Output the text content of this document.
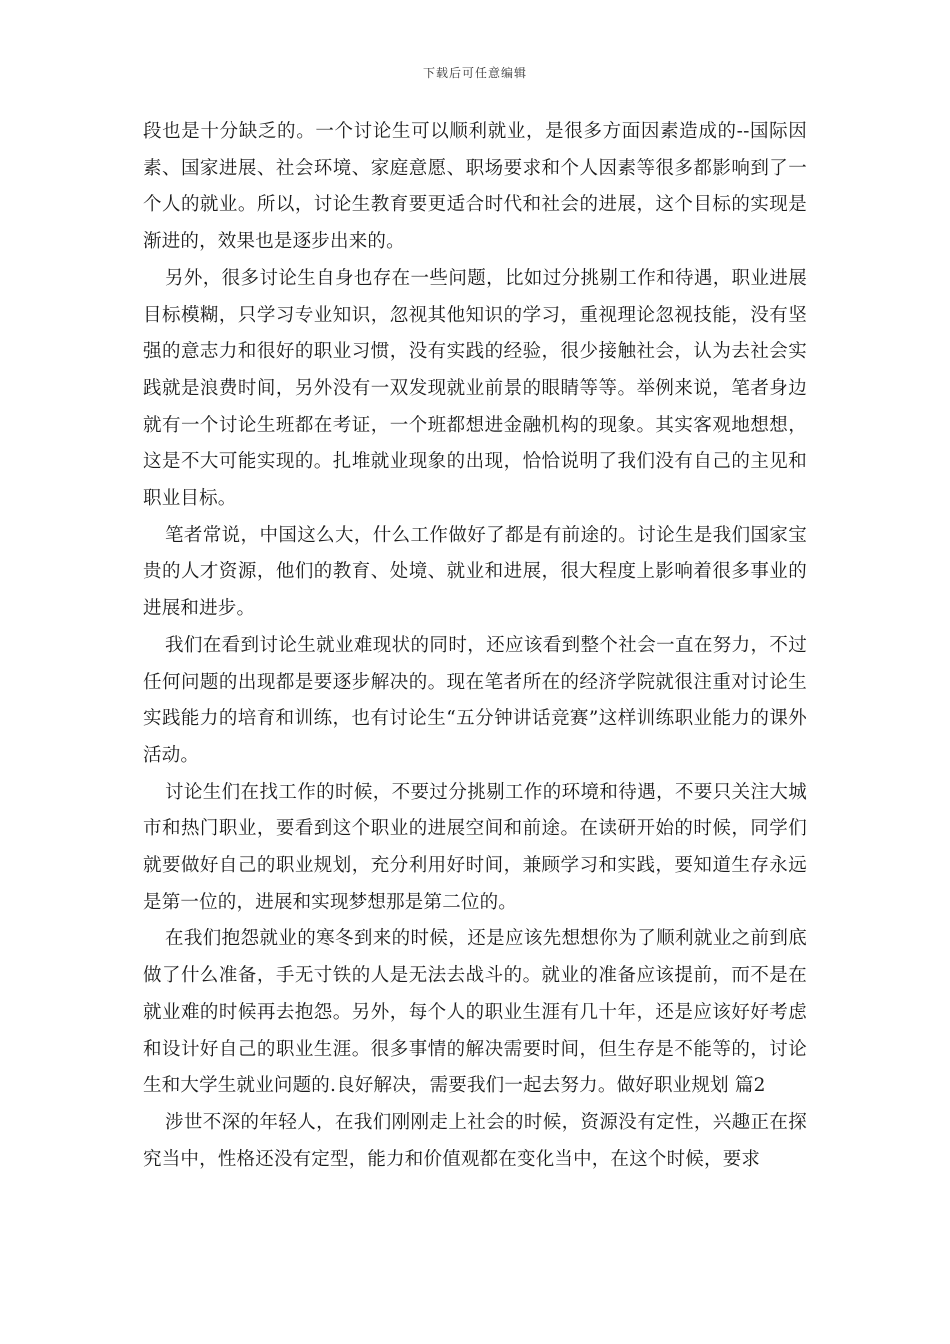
下载后可任意编辑

段也是十分缺乏的。一个讨论生可以顺利就业，是很多方面因素造成的--国际因素、国家进展、社会环境、家庭意愿、职场要求和个人因素等很多都影响到了一个人的就业。所以，讨论生教育要更适合时代和社会的进展，这个目标的实现是渐进的，效果也是逐步出来的。

另外，很多讨论生自身也存在一些问题，比如过分挑剔工作和待遇，职业进展目标模糊，只学习专业知识，忽视其他知识的学习，重视理论忽视技能，没有坚强的意志力和很好的职业习惯，没有实践的经验，很少接触社会，认为去社会实践就是浪费时间，另外没有一双发现就业前景的眼睛等等。举例来说，笔者身边就有一个讨论生班都在考证，一个班都想进金融机构的现象。其实客观地想想，这是不大可能实现的。扎堆就业现象的出现，恰恰说明了我们没有自己的主见和职业目标。

笔者常说，中国这么大，什么工作做好了都是有前途的。讨论生是我们国家宝贵的人才资源，他们的教育、处境、就业和进展，很大程度上影响着很多事业的进展和进步。

我们在看到讨论生就业难现状的同时，还应该看到整个社会一直在努力，不过任何问题的出现都是要逐步解决的。现在笔者所在的经济学院就很注重对讨论生实践能力的培育和训练，也有讨论生“五分钟讲话竞赛”这样训练职业能力的课外活动。

讨论生们在找工作的时候，不要过分挑剔工作的环境和待遇，不要只关注大城市和热门职业，要看到这个职业的进展空间和前途。在读研开始的时候，同学们就要做好自己的职业规划，充分利用好时间，兼顾学习和实践，要知道生存永远是第一位的，进展和实现梦想那是第二位的。

在我们抱怨就业的寒冬到来的时候，还是应该先想想你为了顺利就业之前到底做了什么准备，手无寸铁的人是无法去战斗的。就业的准备应该提前，而不是在就业难的时候再去抱怨。另外，每个人的职业生涯有几十年，还是应该好好考虑和设计好自己的职业生涯。很多事情的解决需要时间，但生存是不能等的，讨论生和大学生就业问题的.良好解决，需要我们一起去努力。做好职业规划 篇2

涉世不深的年轻人，在我们刚刚走上社会的时候，资源没有定性，兴趣正在探究当中，性格还没有定型，能力和价值观都在变化当中，在这个时候，要求
